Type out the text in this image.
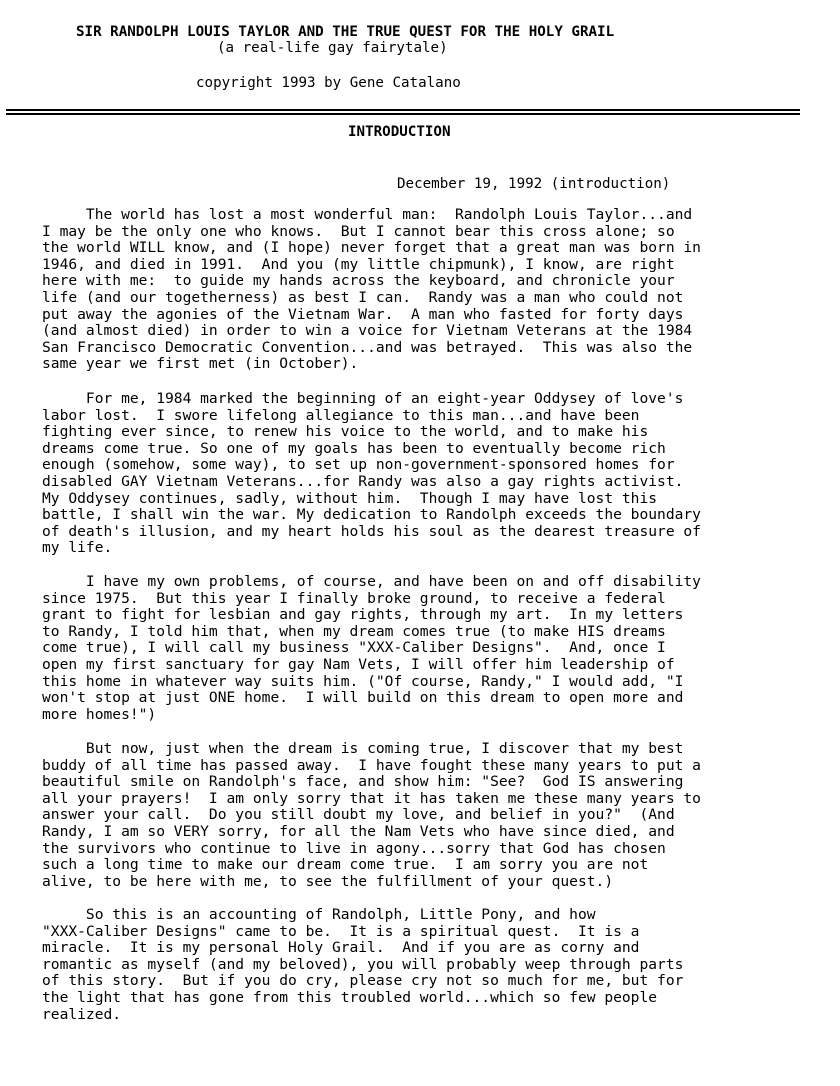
SIR RANDOLPH LOUIS TAYLOR AND THE TRUE QUEST FOR THE HOLY GRAIL
(a real-life gay fairytale)
copyright 1993 by Gene Catalano
INTRODUCTION
December 19, 1992 (introduction)
The world has lost a most wonderful man:  Randolph Louis Taylor...and
I may be the only one who knows.  But I cannot bear this cross alone; so
the world WILL know, and (I hope) never forget that a great man was born in
1946, and died in 1991.  And you (my little chipmunk), I know, are right
here with me:  to guide my hands across the keyboard, and chronicle your
life (and our togetherness) as best I can.  Randy was a man who could not
put away the agonies of the Vietnam War.  A man who fasted for forty days
(and almost died) in order to win a voice for Vietnam Veterans at the 1984
San Francisco Democratic Convention...and was betrayed.  This was also the
same year we first met (in October).
For me, 1984 marked the beginning of an eight-year Oddysey of love's
labor lost.  I swore lifelong allegiance to this man...and have been
fighting ever since, to renew his voice to the world, and to make his
dreams come true. So one of my goals has been to eventually become rich
enough (somehow, some way), to set up non-government-sponsored homes for
disabled GAY Vietnam Veterans...for Randy was also a gay rights activist.
My Oddysey continues, sadly, without him.  Though I may have lost this
battle, I shall win the war. My dedication to Randolph exceeds the boundary
of death's illusion, and my heart holds his soul as the dearest treasure of
my life.
I have my own problems, of course, and have been on and off disability
since 1975.  But this year I finally broke ground, to receive a federal
grant to fight for lesbian and gay rights, through my art.  In my letters
to Randy, I told him that, when my dream comes true (to make HIS dreams
come true), I will call my business "XXX-Caliber Designs".  And, once I
open my first sanctuary for gay Nam Vets, I will offer him leadership of
this home in whatever way suits him. ("Of course, Randy," I would add, "I
won't stop at just ONE home.  I will build on this dream to open more and
more homes!")
But now, just when the dream is coming true, I discover that my best
buddy of all time has passed away.  I have fought these many years to put a
beautiful smile on Randolph's face, and show him: "See?  God IS answering
all your prayers!  I am only sorry that it has taken me these many years to
answer your call.  Do you still doubt my love, and belief in you?"  (And
Randy, I am so VERY sorry, for all the Nam Vets who have since died, and
the survivors who continue to live in agony...sorry that God has chosen
such a long time to make our dream come true.  I am sorry you are not
alive, to be here with me, to see the fulfillment of your quest.)
So this is an accounting of Randolph, Little Pony, and how
"XXX-Caliber Designs" came to be.  It is a spiritual quest.  It is a
miracle.  It is my personal Holy Grail.  And if you are as corny and
romantic as myself (and my beloved), you will probably weep through parts
of this story.  But if you do cry, please cry not so much for me, but for
the light that has gone from this troubled world...which so few people
realized.
